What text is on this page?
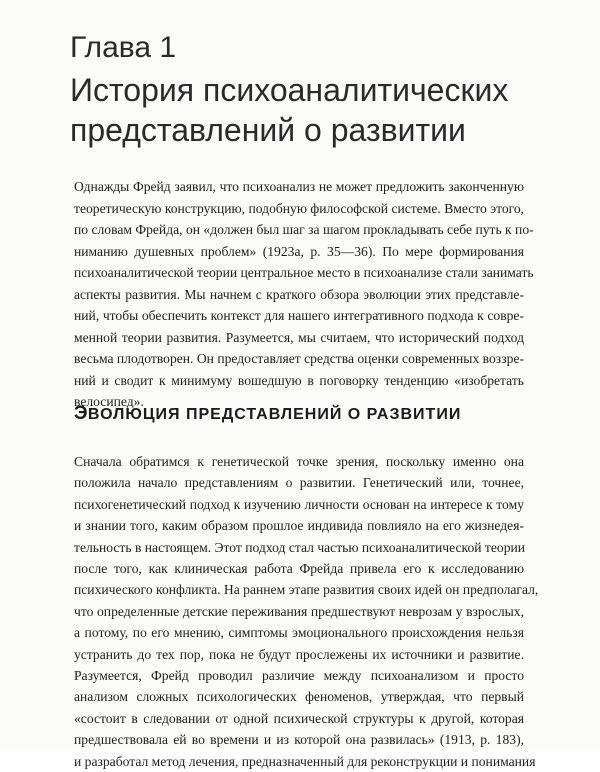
Глава 1
История психоаналитических
представлений о развитии
Однажды Фрейд заявил, что психоанализ не может предложить законченную
теоретическую конструкцию, подобную философской системе. Вместо этого,
по словам Фрейда, он «должен был шаг за шагом прокладывать себе путь к по-
ниманию душевных проблем» (1923a, p. 35—36). По мере формирования
психоаналитической теории центральное место в психоанализе стали занимать
аспекты развития. Мы начнем с краткого обзора эволюции этих представле-
ний, чтобы обеспечить контекст для нашего интегративного подхода к совре-
менной теории развития. Разумеется, мы считаем, что исторический подход
весьма плодотворен. Он предоставляет средства оценки современных воззре-
ний и сводит к минимуму вошедшую в поговорку тенденцию «изобретать
велосипед».
ЭВОЛЮЦИЯ ПРЕДСТАВЛЕНИЙ О РАЗВИТИИ
Сначала обратимся к генетической точке зрения, поскольку именно она
положила начало представлениям о развитии. Генетический или, точнее,
психогенетический подход к изучению личности основан на интересе к тому
и знании того, каким образом прошлое индивида повлияло на его жизнедея-
тельность в настоящем. Этот подход стал частью психоаналитической теории
после того, как клиническая работа Фрейда привела его к исследованию
психического конфликта. На раннем этапе развития своих идей он предполагал,
что определенные детские переживания предшествуют неврозам у взрослых,
а потому, по его мнению, симптомы эмоционального происхождения нельзя
устранить до тех пор, пока не будут прослежены их источники и развитие.
Разумеется, Фрейд проводил различие между психоанализом и просто
анализом сложных психологических феноменов, утверждая, что первый
«состоит в следовании от одной психической структуры к другой, которая
предшествовала ей во времени и из которой она развилась» (1913, p. 183),
и разработал метод лечения, предназначенный для реконструкции и понимания
